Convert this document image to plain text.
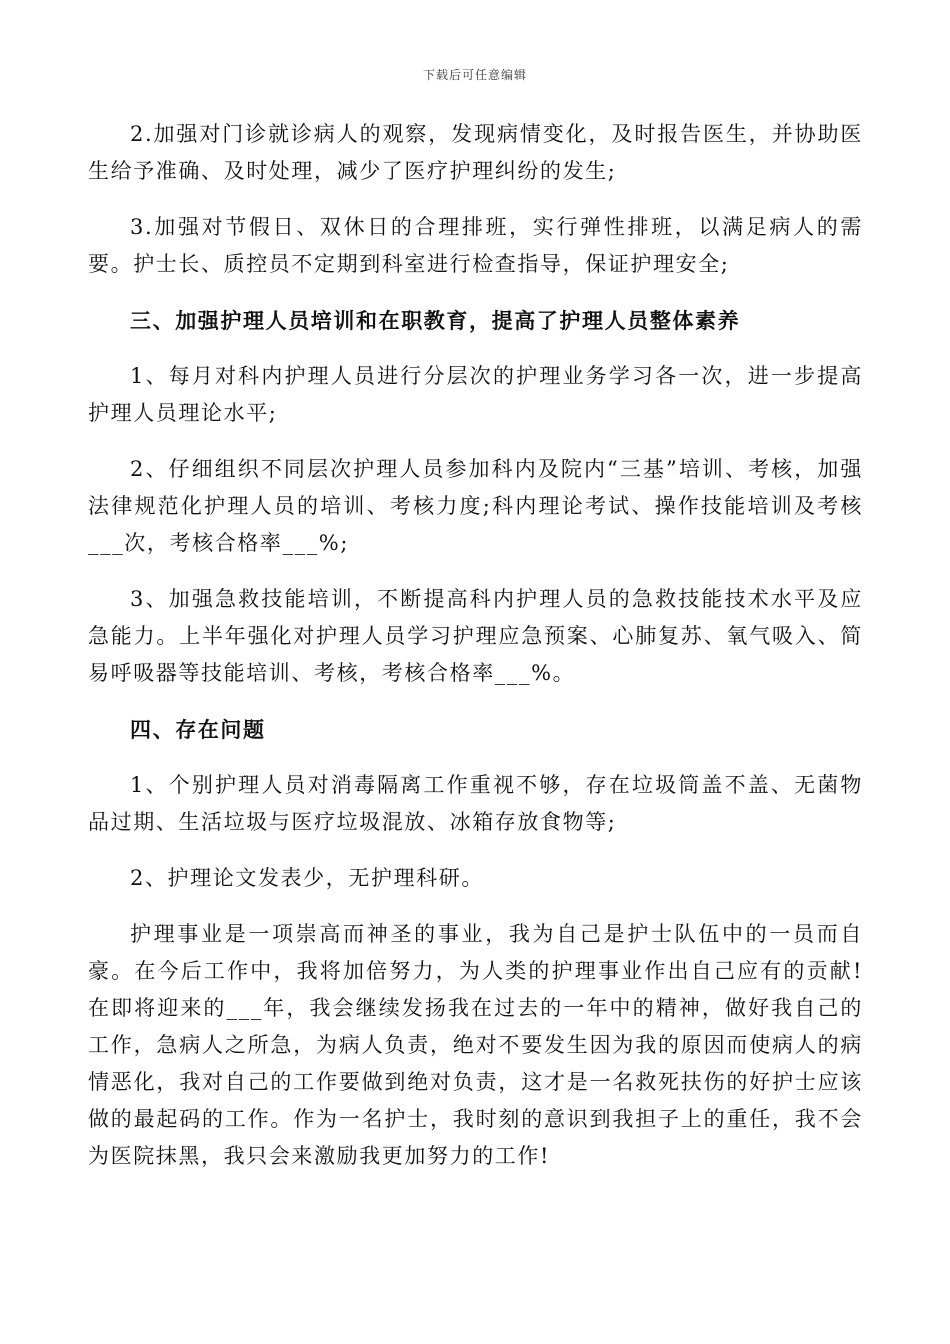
下载后可任意编辑

2.加强对门诊就诊病人的观察，发现病情变化，及时报告医生，并协助医生给予准确、及时处理，减少了医疗护理纠纷的发生;

3.加强对节假日、双休日的合理排班，实行弹性排班，以满足病人的需要。护士长、质控员不定期到科室进行检查指导，保证护理安全;

三、加强护理人员培训和在职教育，提高了护理人员整体素养

1、每月对科内护理人员进行分层次的护理业务学习各一次，进一步提高护理人员理论水平;

2、仔细组织不同层次护理人员参加科内及院内“三基”培训、考核，加强法律规范化护理人员的培训、考核力度;科内理论考试、操作技能培训及考核___次，考核合格率___%;

3、加强急救技能培训，不断提高科内护理人员的急救技能技术水平及应急能力。上半年强化对护理人员学习护理应急预案、心肺复苏、氧气吸入、简易呼吸器等技能培训、考核，考核合格率___%。

四、存在问题

1、个别护理人员对消毒隔离工作重视不够，存在垃圾筒盖不盖、无菌物品过期、生活垃圾与医疗垃圾混放、冰箱存放食物等;

2、护理论文发表少，无护理科研。

护理事业是一项崇高而神圣的事业，我为自己是护士队伍中的一员而自豪。在今后工作中，我将加倍努力，为人类的护理事业作出自己应有的贡献!在即将迎来的___年，我会继续发扬我在过去的一年中的精神，做好我自己的工作，急病人之所急，为病人负责，绝对不要发生因为我的原因而使病人的病情恶化，我对自己的工作要做到绝对负责，这才是一名救死扶伤的好护士应该做的最起码的工作。作为一名护士，我时刻的意识到我担子上的重任，我不会为医院抹黑，我只会来激励我更加努力的工作!
